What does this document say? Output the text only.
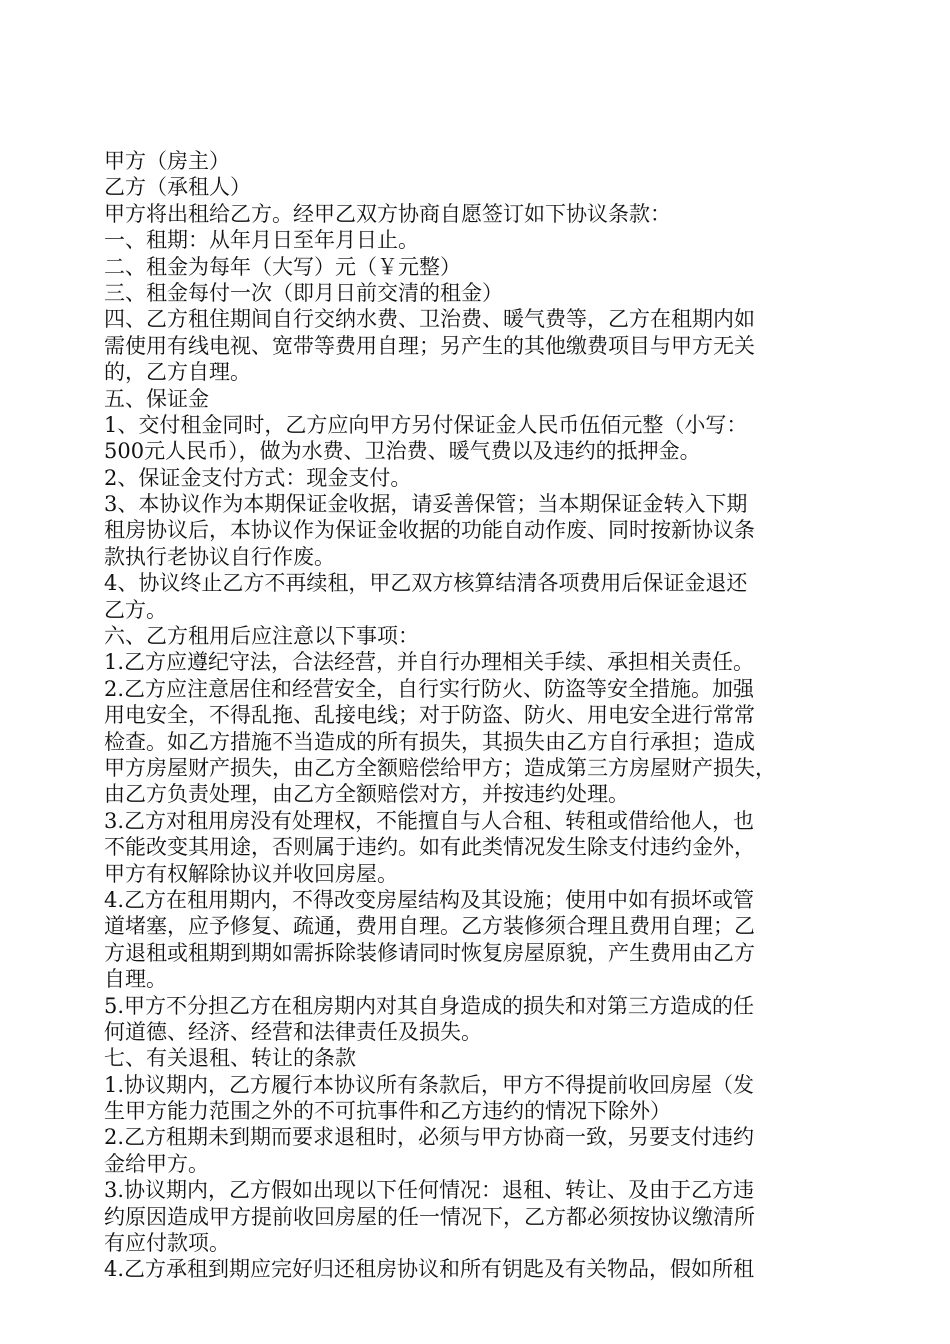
甲方（房主）
乙方（承租人）
甲方将出租给乙方。经甲乙双方协商自愿签订如下协议条款：
一、租期：从年月日至年月日止。
二、租金为每年（大写）元（￥元整）
三、租金每付一次（即月日前交清的租金）
四、乙方租住期间自行交纳水费、卫治费、暖气费等，乙方在租期内如
需使用有线电视、宽带等费用自理；另产生的其他缴费项目与甲方无关
的，乙方自理。
五、保证金
1、交付租金同时，乙方应向甲方另付保证金人民币伍佰元整（小写：
500元人民币），做为水费、卫治费、暖气费以及违约的抵押金。
2、保证金支付方式：现金支付。
3、本协议作为本期保证金收据，请妥善保管；当本期保证金转入下期
租房协议后，本协议作为保证金收据的功能自动作废、同时按新协议条
款执行老协议自行作废。
4、协议终止乙方不再续租，甲乙双方核算结清各项费用后保证金退还
乙方。
六、乙方租用后应注意以下事项：
1.乙方应遵纪守法，合法经营，并自行办理相关手续、承担相关责任。
2.乙方应注意居住和经营安全，自行实行防火、防盗等安全措施。加强
用电安全，不得乱拖、乱接电线；对于防盗、防火、用电安全进行常常
检查。如乙方措施不当造成的所有损失，其损失由乙方自行承担；造成
甲方房屋财产损失，由乙方全额赔偿给甲方；造成第三方房屋财产损失，
由乙方负责处理，由乙方全额赔偿对方，并按违约处理。
3.乙方对租用房没有处理权，不能擅自与人合租、转租或借给他人，也
不能改变其用途，否则属于违约。如有此类情况发生除支付违约金外，
甲方有权解除协议并收回房屋。
4.乙方在租用期内，不得改变房屋结构及其设施；使用中如有损坏或管
道堵塞，应予修复、疏通，费用自理。乙方装修须合理且费用自理；乙
方退租或租期到期如需拆除装修请同时恢复房屋原貌，产生费用由乙方
自理。
5.甲方不分担乙方在租房期内对其自身造成的损失和对第三方造成的任
何道德、经济、经营和法律责任及损失。
七、有关退租、转让的条款
1.协议期内，乙方履行本协议所有条款后，甲方不得提前收回房屋（发
生甲方能力范围之外的不可抗事件和乙方违约的情况下除外）
2.乙方租期未到期而要求退租时，必须与甲方协商一致，另要支付违约
金给甲方。
3.协议期内，乙方假如出现以下任何情况：退租、转让、及由于乙方违
约原因造成甲方提前收回房屋的任一情况下，乙方都必须按协议缴清所
有应付款项。
4.乙方承租到期应完好归还租房协议和所有钥匙及有关物品，假如所租
